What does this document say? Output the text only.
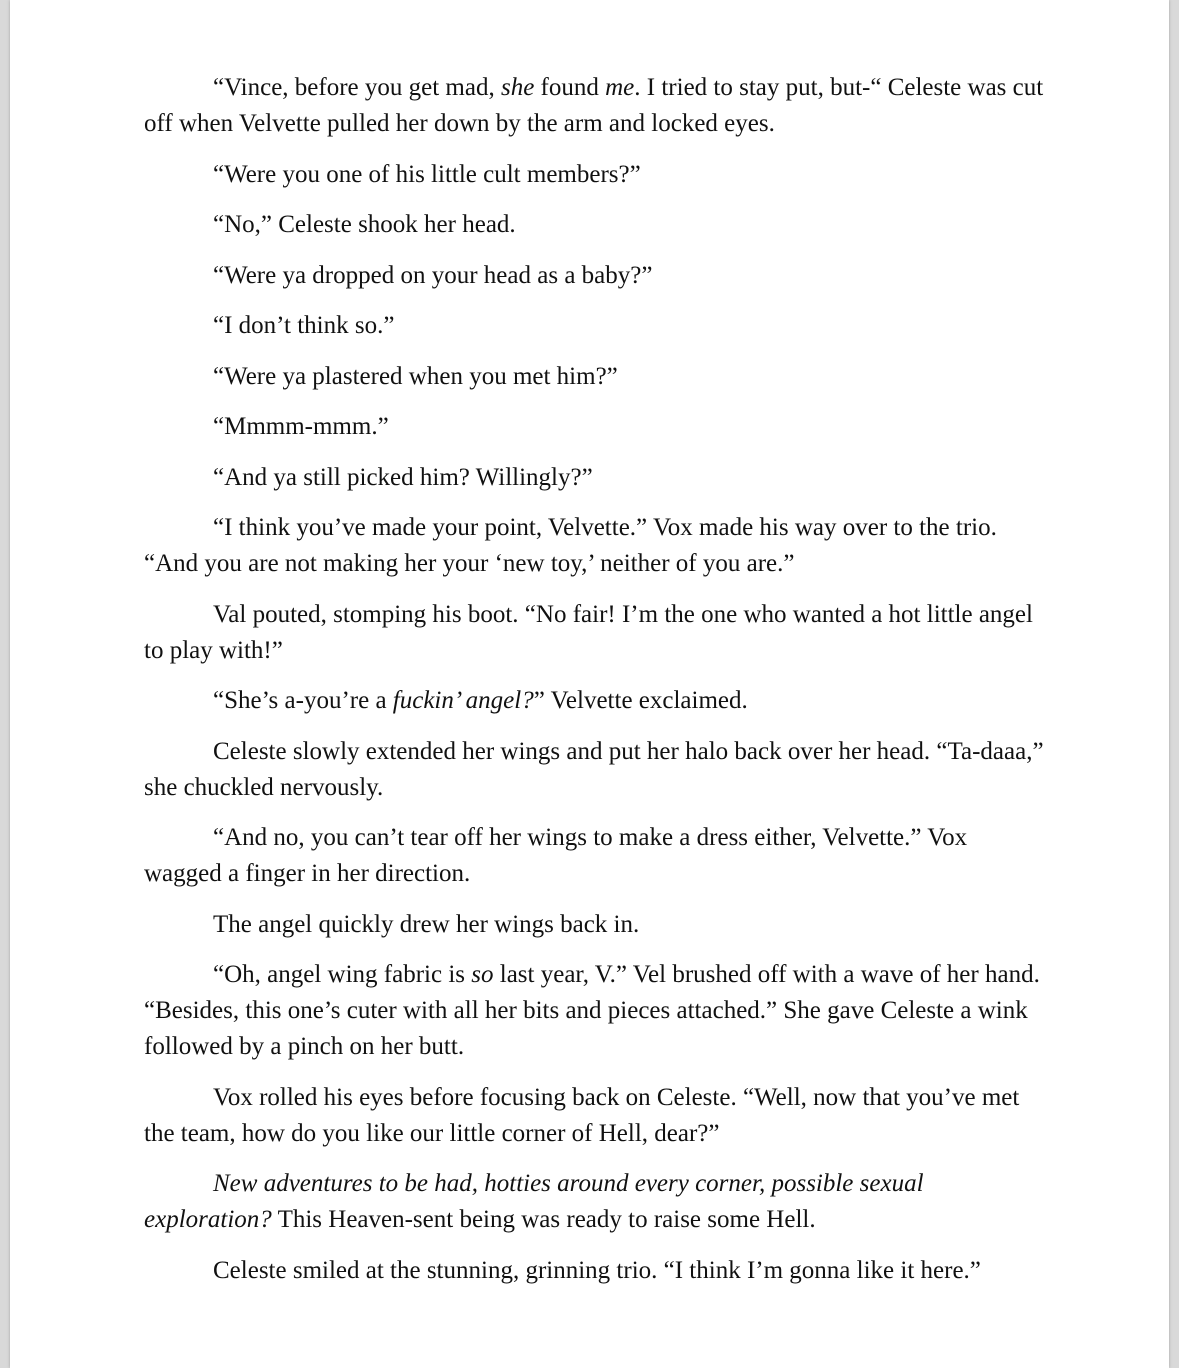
“Vince, before you get mad, she found me. I tried to stay put, but-“ Celeste was cut off when Velvette pulled her down by the arm and locked eyes.

“Were you one of his little cult members?”

“No,” Celeste shook her head.

“Were ya dropped on your head as a baby?”

“I don’t think so.”

“Were ya plastered when you met him?”

“Mmmm-mmm.”

“And ya still picked him? Willingly?”

“I think you’ve made your point, Velvette.” Vox made his way over to the trio. “And you are not making her your ‘new toy,’ neither of you are.”

Val pouted, stomping his boot. “No fair! I’m the one who wanted a hot little angel to play with!”

“She’s a-you’re a fuckin’ angel?” Velvette exclaimed.

Celeste slowly extended her wings and put her halo back over her head. “Ta-daaa,” she chuckled nervously.

“And no, you can’t tear off her wings to make a dress either, Velvette.” Vox wagged a finger in her direction.

The angel quickly drew her wings back in.

“Oh, angel wing fabric is so last year, V.” Vel brushed off with a wave of her hand. “Besides, this one’s cuter with all her bits and pieces attached.” She gave Celeste a wink followed by a pinch on her butt.

Vox rolled his eyes before focusing back on Celeste. “Well, now that you’ve met the team, how do you like our little corner of Hell, dear?”

New adventures to be had, hotties around every corner, possible sexual exploration? This Heaven-sent being was ready to raise some Hell.

Celeste smiled at the stunning, grinning trio. “I think I’m gonna like it here.”
